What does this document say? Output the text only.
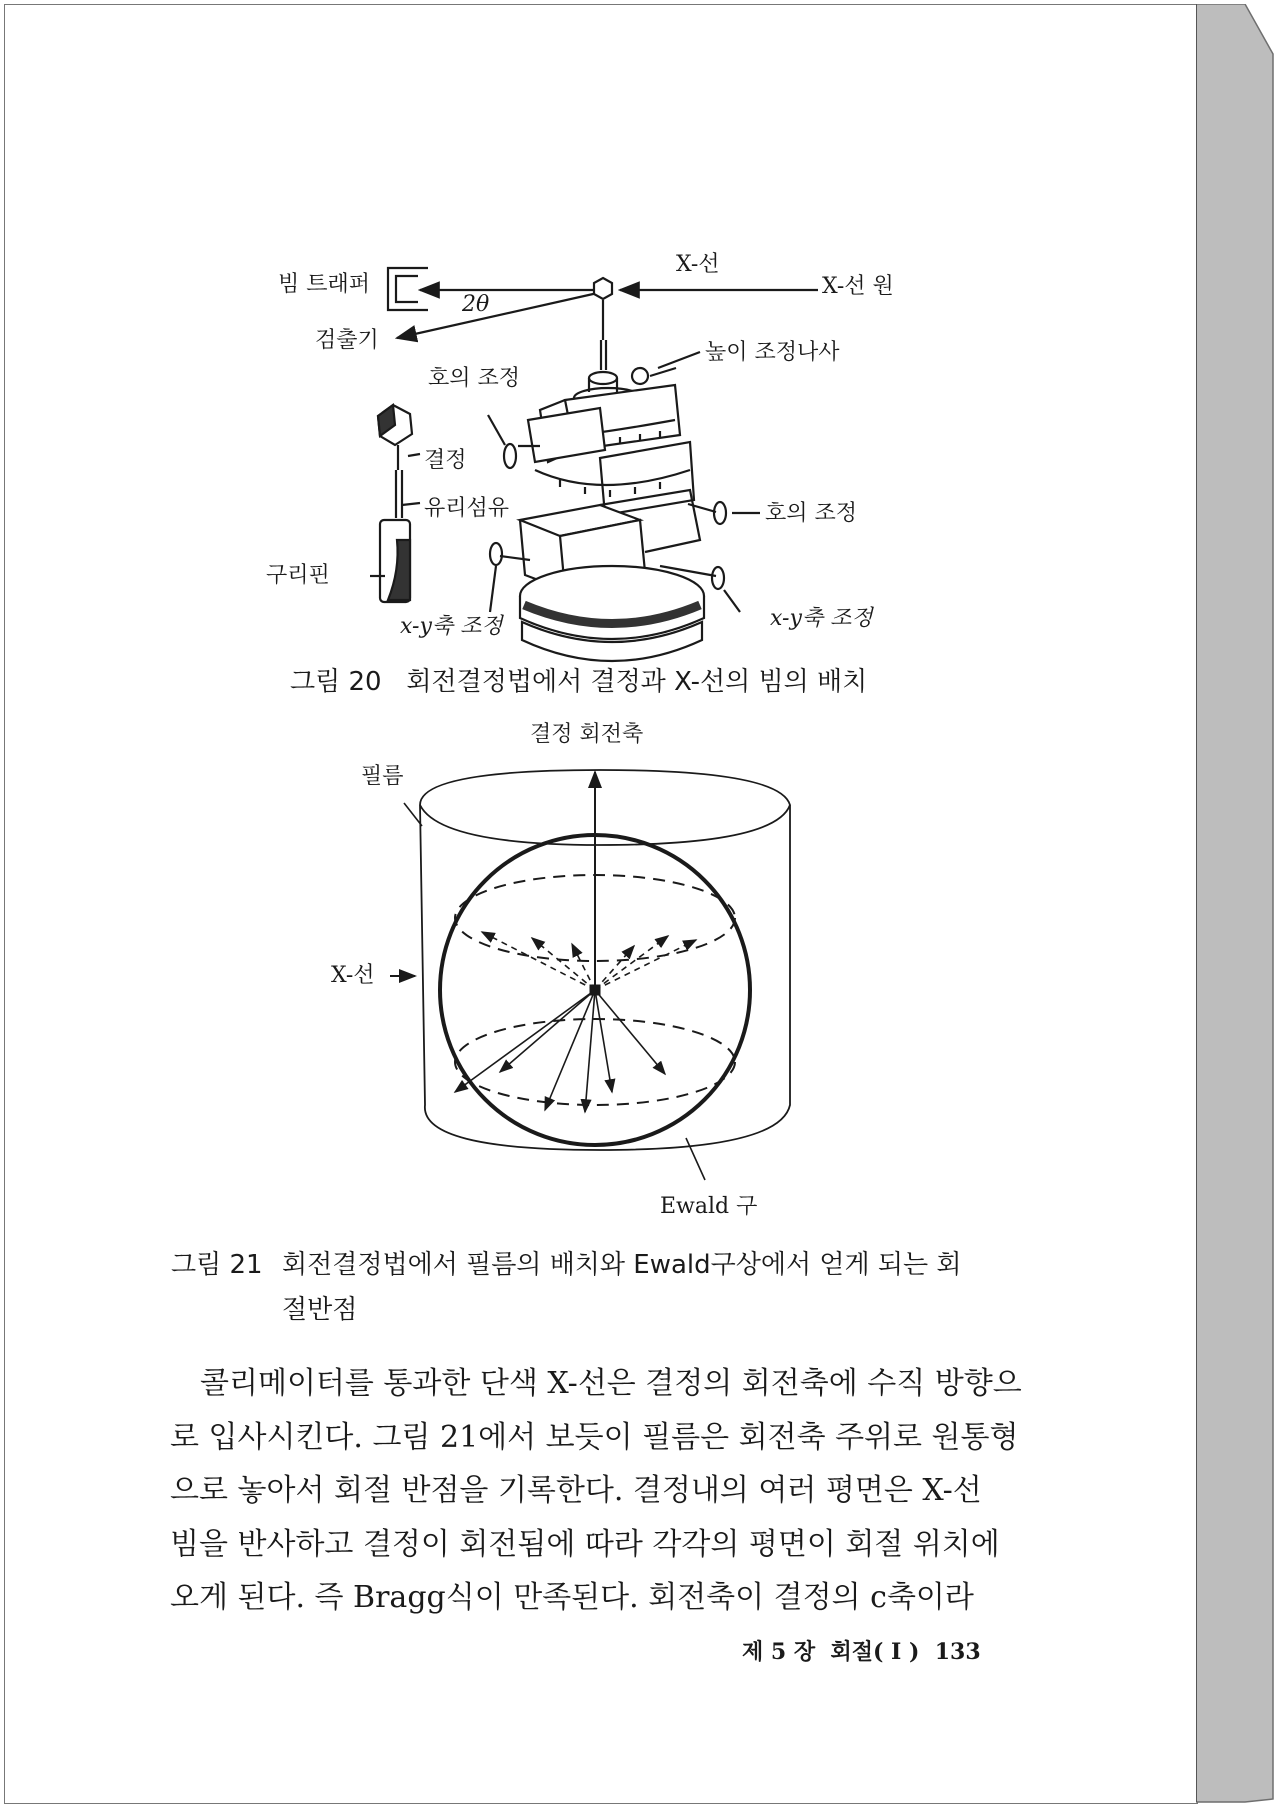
빔 트래퍼
2θ
X-선
X-선 원
검출기	높이 조정나사
호의 조정
결정
유리섬유	호의 조정
구리핀
x-y축 조정	x-y축 조정
그림 20   회전결정법에서 결정과 X-선의 빔의 배치
결정 회전축
필름
X-선
Ewald 구
그림 21 회전결정법에서 필름의 배치와 Ewald구상에서 얻게 되는 회
절반점

콜리메이터를 통과한 단색 X-선은 결정의 회전축에 수직 방향으
로 입사시킨다. 그림 21에서 보듯이 필름은 회전축 주위로 원통형
으로 놓아서 회절 반점을 기록한다. 결정내의 여러 평면은 X-선
빔을 반사하고 결정이 회전됨에 따라 각각의 평면이 회절 위치에
오게 된다. 즉 Bragg식이 만족된다. 회전축이 결정의 c축이라

제 5 장  회절( I )  133
